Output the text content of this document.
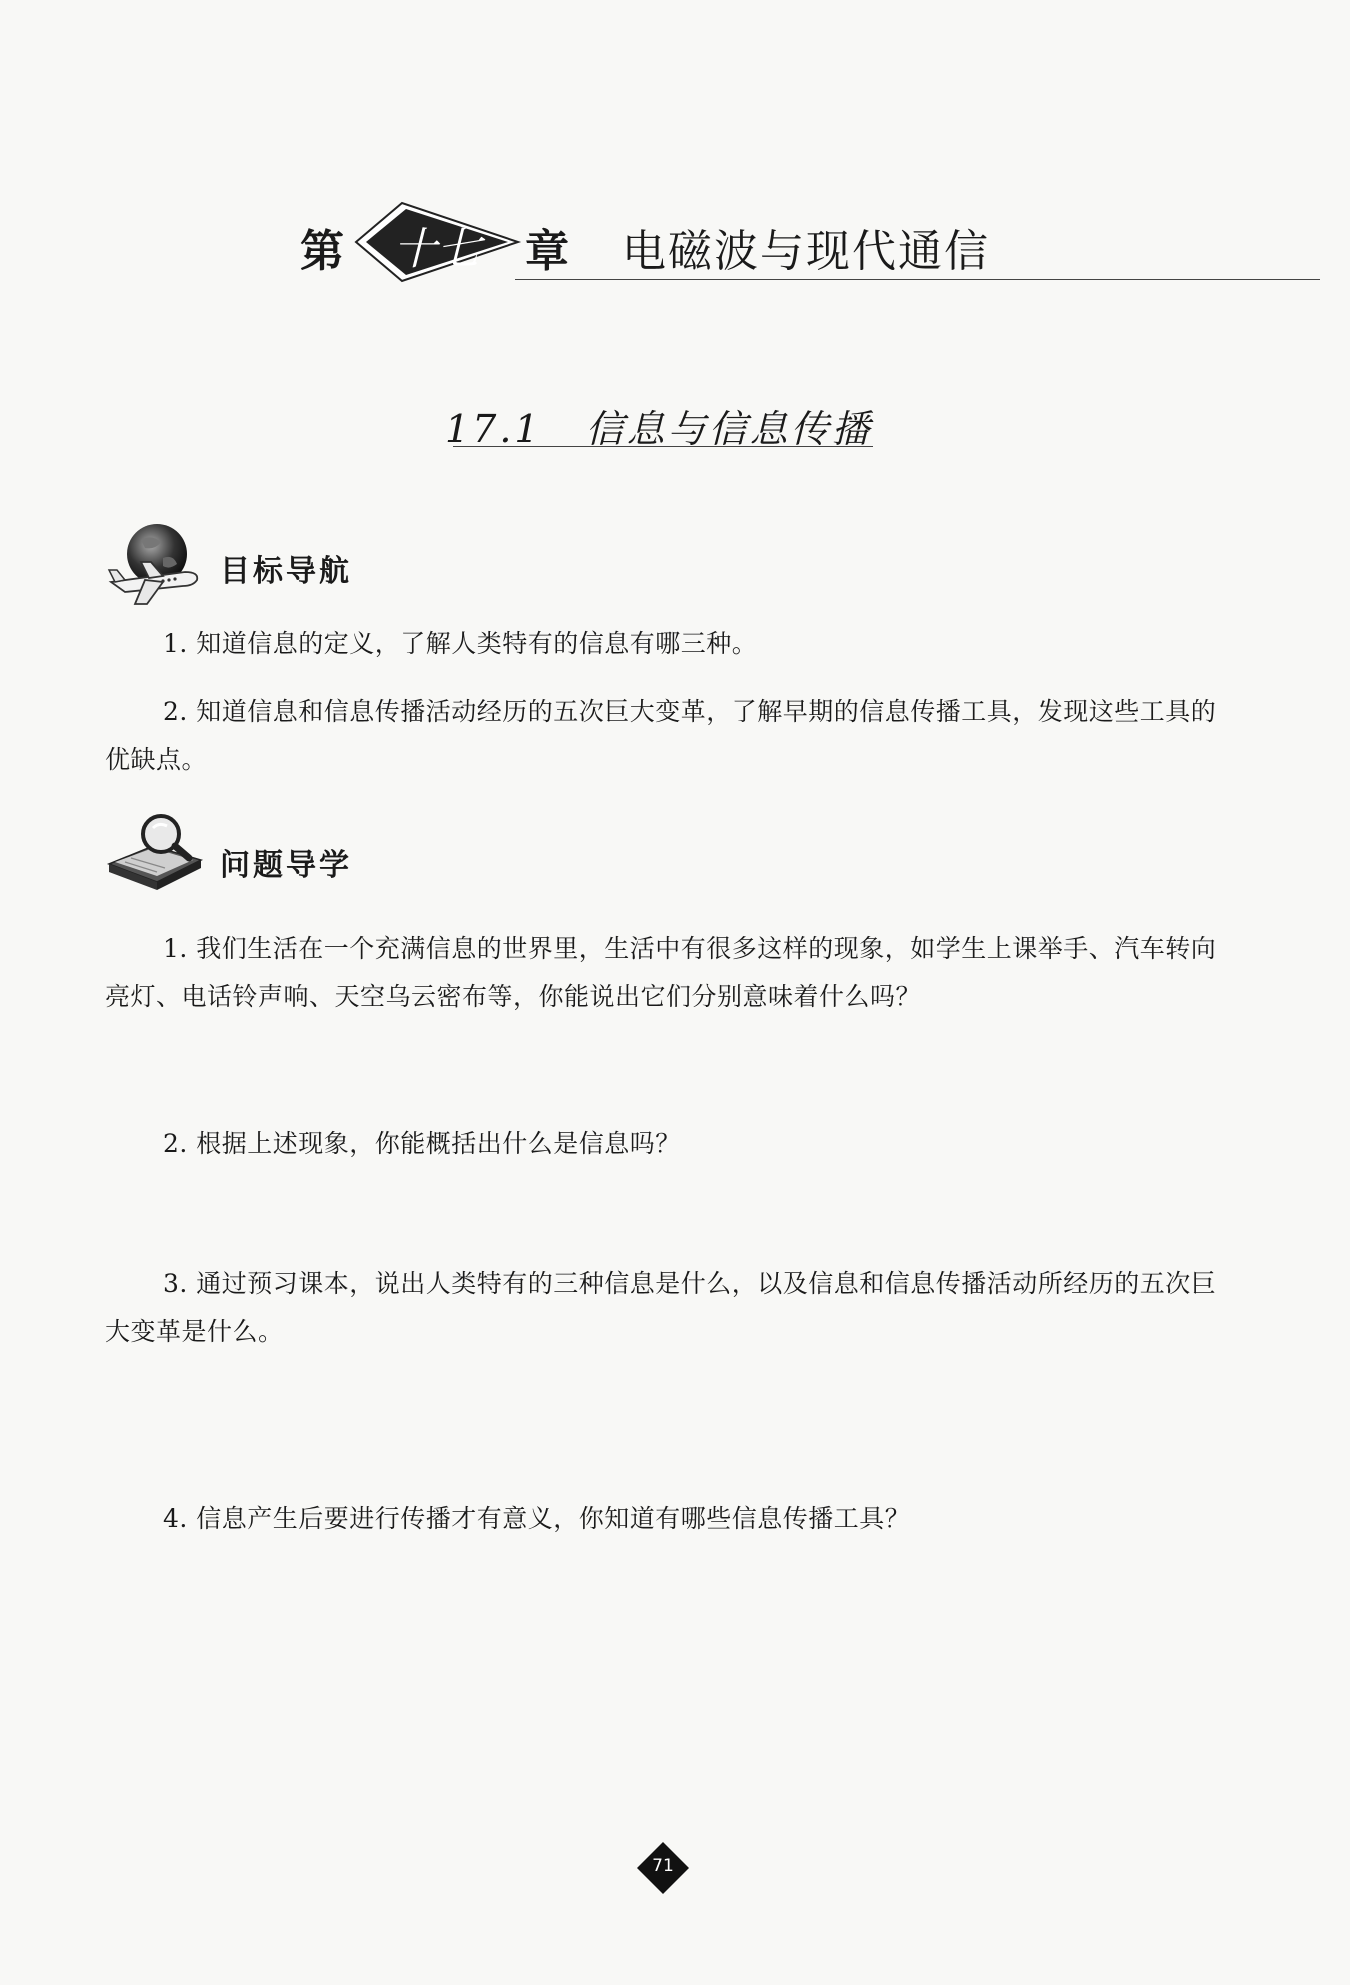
第	十七	章 电磁波与现代通信
17.1 信息与信息传播
目标导航

1. 知道信息的定义，了解人类特有的信息有哪三种。

2. 知道信息和信息传播活动经历的五次巨大变革，了解早期的信息传播工具，发现这些工具的优缺点。

问题导学

1. 我们生活在一个充满信息的世界里，生活中有很多这样的现象，如学生上课举手、汽车转向亮灯、电话铃声响、天空乌云密布等，你能说出它们分别意味着什么吗？

2. 根据上述现象，你能概括出什么是信息吗？

3. 通过预习课本，说出人类特有的三种信息是什么，以及信息和信息传播活动所经历的五次巨大变革是什么。

4. 信息产生后要进行传播才有意义，你知道有哪些信息传播工具？

71
